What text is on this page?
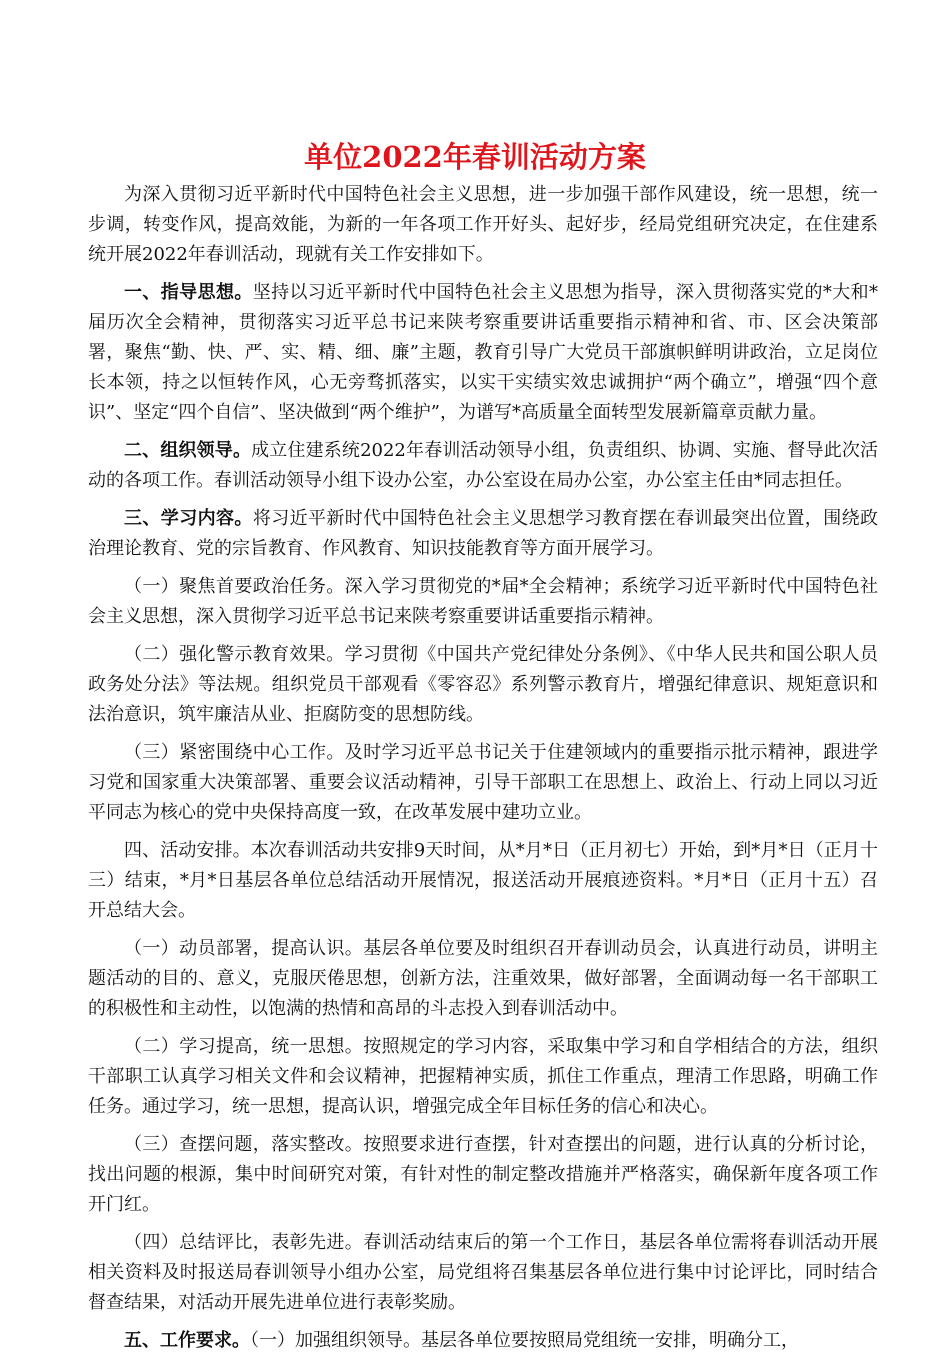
单位2022年春训活动方案

为深入贯彻习近平新时代中国特色社会主义思想，进一步加强干部作风建设，统一思想，统一步调，转变作风，提高效能，为新的一年各项工作开好头、起好步，经局党组研究决定，在住建系统开展2022年春训活动，现就有关工作安排如下。

一、指导思想。坚持以习近平新时代中国特色社会主义思想为指导，深入贯彻落实党的*大和*届历次全会精神，贯彻落实习近平总书记来陕考察重要讲话重要指示精神和省、市、区会决策部署，聚焦“勤、快、严、实、精、细、廉”主题，教育引导广大党员干部旗帜鲜明讲政治，立足岗位长本领，持之以恒转作风，心无旁骛抓落实，以实干实绩实效忠诚拥护“两个确立”，增强“四个意识”、坚定“四个自信”、坚决做到“两个维护”，为谱写*高质量全面转型发展新篇章贡献力量。

二、组织领导。成立住建系统2022年春训活动领导小组，负责组织、协调、实施、督导此次活动的各项工作。春训活动领导小组下设办公室，办公室设在局办公室，办公室主任由*同志担任。

三、学习内容。将习近平新时代中国特色社会主义思想学习教育摆在春训最突出位置，围绕政治理论教育、党的宗旨教育、作风教育、知识技能教育等方面开展学习。

（一）聚焦首要政治任务。深入学习贯彻党的*届*全会精神；系统学习近平新时代中国特色社会主义思想，深入贯彻学习近平总书记来陕考察重要讲话重要指示精神。

（二）强化警示教育效果。学习贯彻《中国共产党纪律处分条例》、《中华人民共和国公职人员政务处分法》等法规。组织党员干部观看《零容忍》系列警示教育片，增强纪律意识、规矩意识和法治意识，筑牢廉洁从业、拒腐防变的思想防线。

（三）紧密围绕中心工作。及时学习近平总书记关于住建领域内的重要指示批示精神，跟进学习党和国家重大决策部署、重要会议活动精神，引导干部职工在思想上、政治上、行动上同以习近平同志为核心的党中央保持高度一致，在改革发展中建功立业。

四、活动安排。本次春训活动共安排9天时间，从*月*日（正月初七）开始，到*月*日（正月十三）结束，*月*日基层各单位总结活动开展情况，报送活动开展痕迹资料。*月*日（正月十五）召开总结大会。

（一）动员部署，提高认识。基层各单位要及时组织召开春训动员会，认真进行动员，讲明主题活动的目的、意义，克服厌倦思想，创新方法，注重效果，做好部署，全面调动每一名干部职工的积极性和主动性，以饱满的热情和高昂的斗志投入到春训活动中。

（二）学习提高，统一思想。按照规定的学习内容，采取集中学习和自学相结合的方法，组织干部职工认真学习相关文件和会议精神，把握精神实质，抓住工作重点，理清工作思路，明确工作任务。通过学习，统一思想，提高认识，增强完成全年目标任务的信心和决心。

（三）查摆问题，落实整改。按照要求进行查摆，针对查摆出的问题，进行认真的分析讨论，找出问题的根源，集中时间研究对策，有针对性的制定整改措施并严格落实，确保新年度各项工作开门红。

（四）总结评比，表彰先进。春训活动结束后的第一个工作日，基层各单位需将春训活动开展相关资料及时报送局春训领导小组办公室，局党组将召集基层各单位进行集中讨论评比，同时结合督查结果，对活动开展先进单位进行表彰奖励。

五、工作要求。（一）加强组织领导。基层各单位要按照局党组统一安排，明确分工，
